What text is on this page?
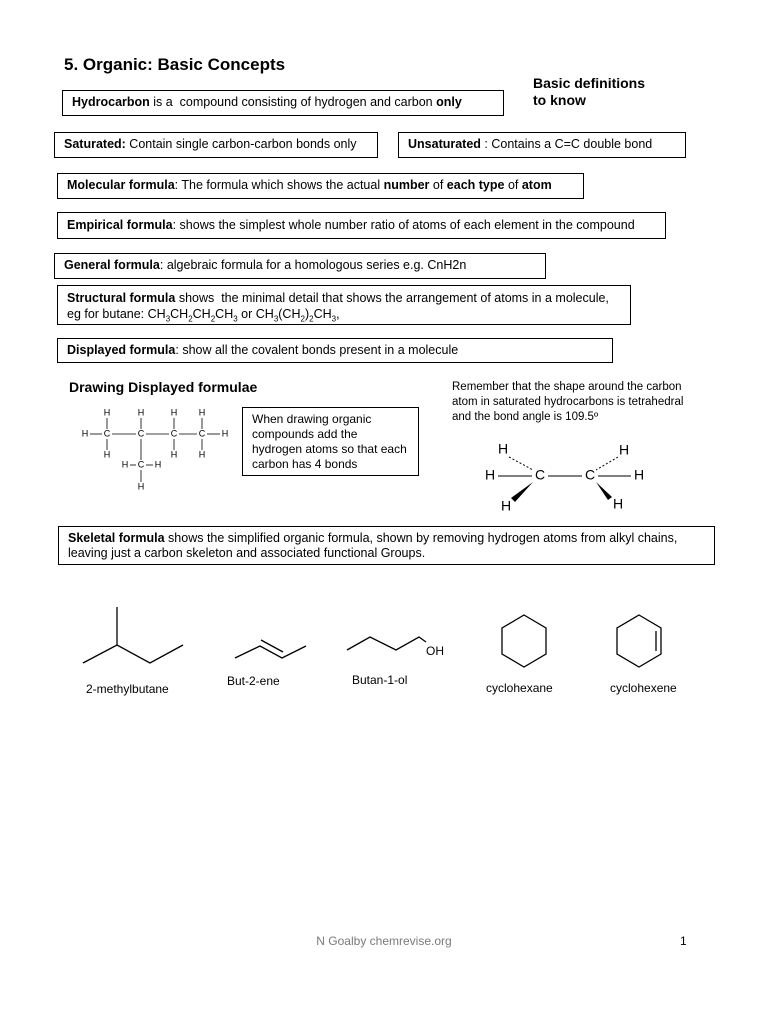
5. Organic: Basic Concepts
Basic definitions
to know
Hydrocarbon is a  compound consisting of hydrogen and carbon only
Saturated: Contain single carbon-carbon bonds only	Unsaturated : Contains a C=C double bond
Molecular formula: The formula which shows the actual number of each type of atom
Empirical formula: shows the simplest whole number ratio of atoms of each element in the compound
General formula: algebraic formula for a homologous series e.g. CnH2n
Structural formula shows  the minimal detail that shows the arrangement of atoms in a molecule, eg for butane: $CH_3CH_2CH_2CH_3$ or $CH_3(CH_2)_2CH_3$,
Displayed formula: show all the covalent bonds present in a molecule
Drawing Displayed formulae
H C	C	C C H
H	H	H H
H	H H
H C H
H
When drawing organic compounds add the hydrogen atoms so that each carbon has 4 bonds
Remember that the shape around the carbon atom in saturated hydrocarbons is tetrahedral and the bond angle is 109.5º
H
H	C	C
H
H
H	H
Skeletal formula shows the simplified organic formula, shown by removing hydrogen atoms from alkyl chains, leaving just a carbon skeleton and associated functional Groups.
2-methylbutane
But-2-ene
OH
Butan-1-ol
cyclohexane	cyclohexene
N Goalby chemrevise.org	1
